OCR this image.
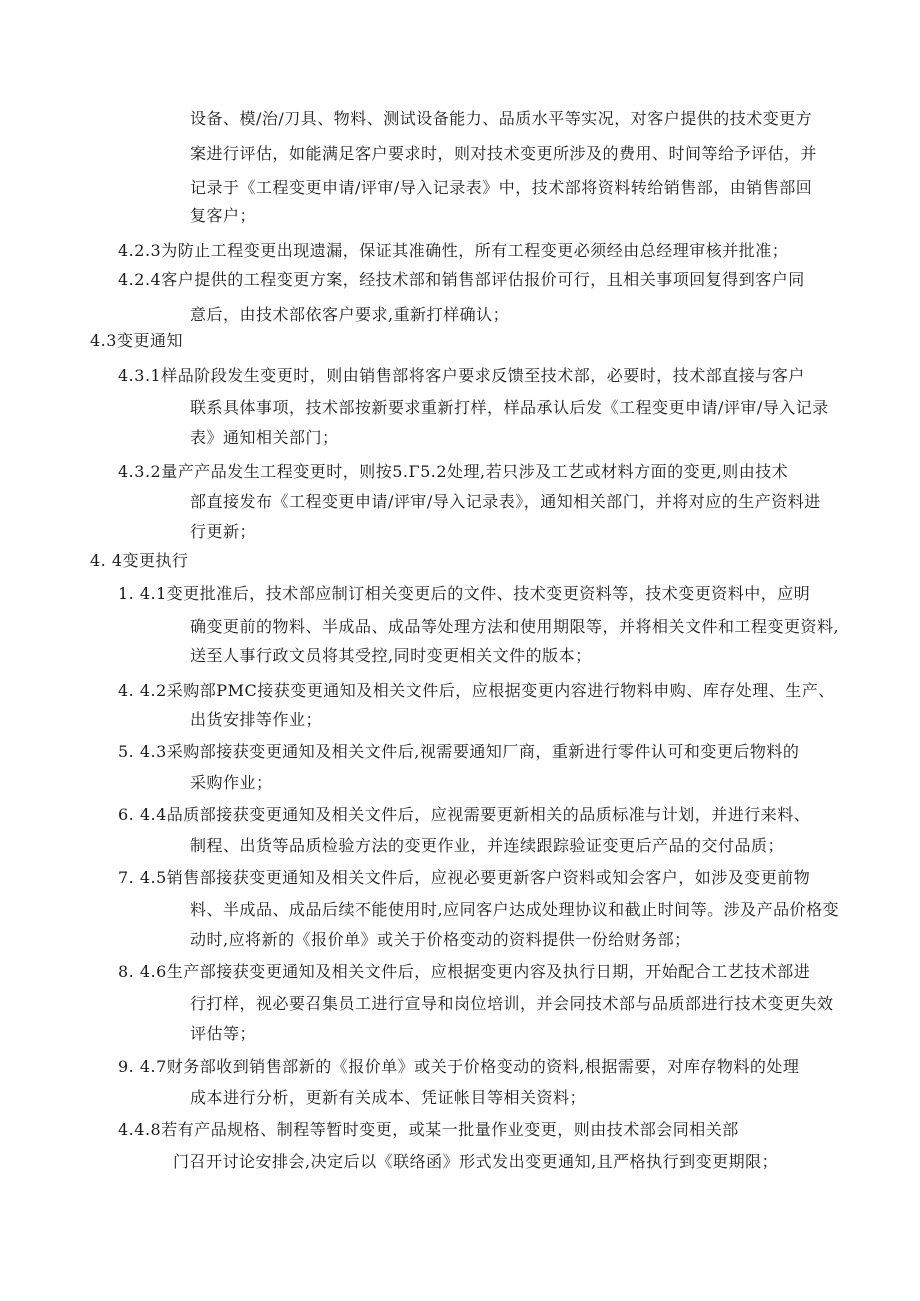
设备、模/治/刀具、物料、测试设备能力、品质水平等实况，对客户提供的技术变更方
案进行评估，如能满足客户要求时，则对技术变更所涉及的费用、时间等给予评估，并
记录于《工程变更申请/评审/导入记录表》中，技术部将资料转给销售部，由销售部回
复客户；
4.2.3为防止工程变更出现遗漏，保证其准确性，所有工程变更必须经由总经理审核并批准；
4.2.4客户提供的工程变更方案，经技术部和销售部评估报价可行，且相关事项回复得到客户同
意后，由技术部依客户要求,重新打样确认；
4.3变更通知
4.3.1样品阶段发生变更时，则由销售部将客户要求反馈至技术部，必要时，技术部直接与客户
联系具体事项，技术部按新要求重新打样，样品承认后发《工程变更申请/评审/导入记录
表》通知相关部门；
4.3.2量产产品发生工程变更时，则按5.Γ5.2处理,若只涉及工艺或材料方面的变更,则由技术
部直接发布《工程变更申请/评审/导入记录表》，通知相关部门，并将对应的生产资料进
行更新；
4. 4变更执行
1. 4.1变更批准后，技术部应制订相关变更后的文件、技术变更资料等，技术变更资料中，应明
确变更前的物料、半成品、成品等处理方法和使用期限等，并将相关文件和工程变更资料,
送至人事行政文员将其受控,同时变更相关文件的版本；
4. 4.2采购部PMC接获变更通知及相关文件后，应根据变更内容进行物料申购、库存处理、生产、
出货安排等作业；
5. 4.3采购部接获变更通知及相关文件后,视需要通知厂商，重新进行零件认可和变更后物料的
采购作业；
6. 4.4品质部接获变更通知及相关文件后，应视需要更新相关的品质标准与计划，并进行来料、
制程、出货等品质检验方法的变更作业，并连续跟踪验证变更后产品的交付品质；
7. 4.5销售部接获变更通知及相关文件后，应视必要更新客户资料或知会客户，如涉及变更前物
料、半成品、成品后续不能使用时,应同客户达成处理协议和截止时间等。涉及产品价格变
动时,应将新的《报价单》或关于价格变动的资料提供一份给财务部；
8. 4.6生产部接获变更通知及相关文件后，应根据变更内容及执行日期，开始配合工艺技术部进
行打样，视必要召集员工进行宣导和岗位培训，并会同技术部与品质部进行技术变更失效
评估等；
9. 4.7财务部收到销售部新的《报价单》或关于价格变动的资料,根据需要，对库存物料的处理
成本进行分析，更新有关成本、凭证帐目等相关资料；
4.4.8若有产品规格、制程等暂时变更，或某一批量作业变更，则由技术部会同相关部
门召开讨论安排会,决定后以《联络函》形式发出变更通知,且严格执行到变更期限；
